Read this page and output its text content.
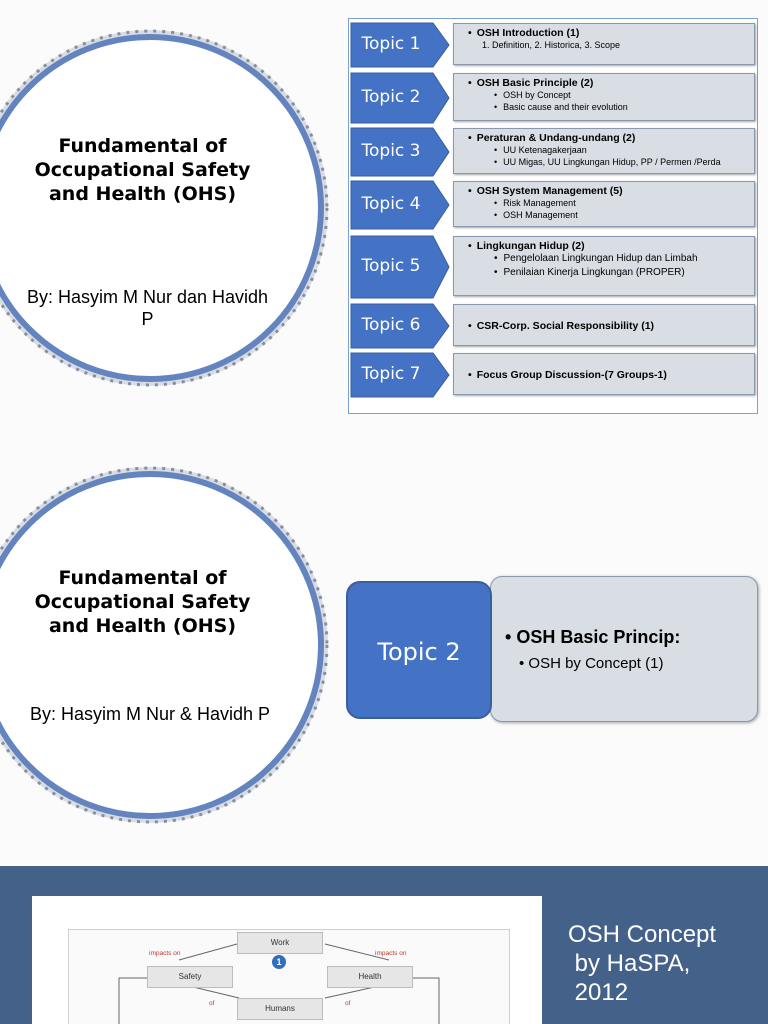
Fundamental of
Occupational Safety
and Health (OHS)
By: Hasyim M Nur dan Havidh
P
Topic 1
• OSH Introduction (1)
1. Definition, 2. Historica, 3. Scope
Topic 2
• OSH Basic Principle (2)
• OSH by Concept
• Basic cause and their evolution
Topic 3
• Peraturan & Undang-undang (2)
• UU Ketenagakerjaan
• UU Migas, UU Lingkungan Hidup, PP / Permen /Perda
Topic 4
• OSH System Management (5)
• Risk Management
• OSH Management
Topic 5
• Lingkungan Hidup (2)
• Pengelolaan Lingkungan Hidup dan Limbah
• Penilaian Kinerja Lingkungan (PROPER)
Topic 6	• CSR-Corp. Social Responsibility (1)
Topic 7	• Focus Group Discussion-(7 Groups-1)
Fundamental of
Occupational Safety
and Health (OHS)
By: Hasyim M Nur & Havidh P
• OSH Basic Princip:
• OSH by Concept (1)
Topic 2
Work
1
Safety	Health
Humans
impacts on	impacts on
of	of
OSH Concept
by HaSPA,
2012
